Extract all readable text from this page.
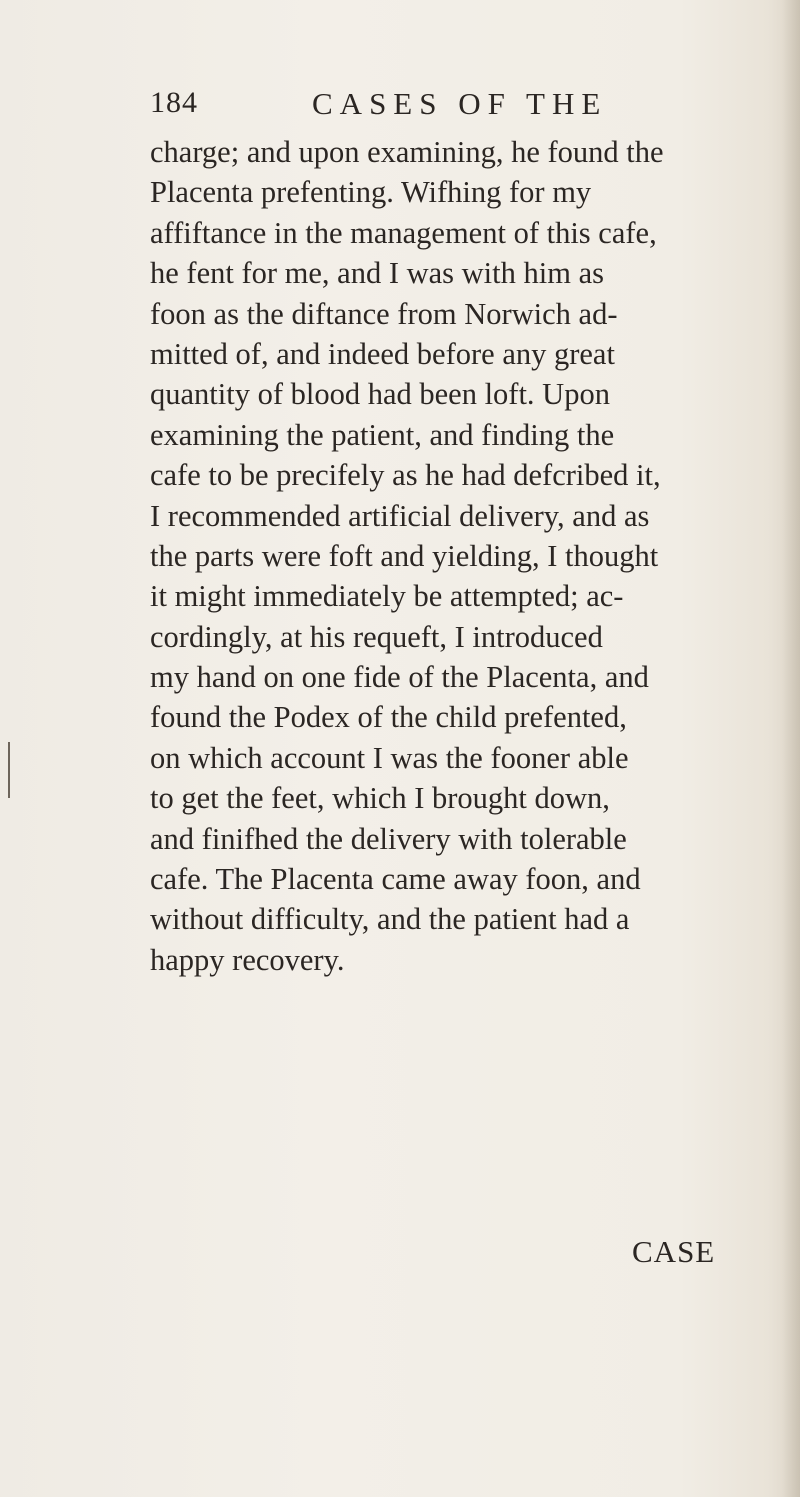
184	CASES OF THE
charge; and upon examining, he found the
Placenta prefenting. Wifhing for my
affiftance in the management of this cafe,
he fent for me, and I was with him as
foon as the diftance from Norwich ad-
mitted of, and indeed before any great
quantity of blood had been loft. Upon
examining the patient, and finding the
cafe to be precifely as he had defcribed it,
I recommended artificial delivery, and as
the parts were foft and yielding, I thought
it might immediately be attempted; ac-
cordingly, at his requeft, I introduced
my hand on one fide of the Placenta, and
found the Podex of the child prefented,
on which account I was the fooner able
to get the feet, which I brought down,
and finifhed the delivery with tolerable
cafe. The Placenta came away foon, and
without difficulty, and the patient had a
happy recovery.
CASE
